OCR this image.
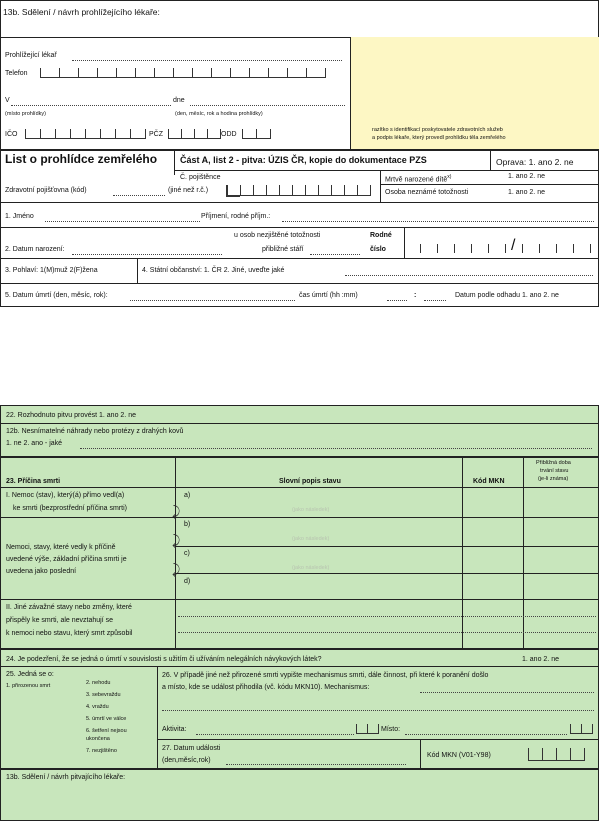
13b. Sdělení / návrh prohlížejícího lékaře:
razítko s identifikací poskytovatele zdravotních služeb
a podpis lékaře, který provedl prohlídku těla zemřelého
Prohlížející lékař
Telefon
V	dne
(místo prohlídky)	(den, měsíc, rok a hodina prohlídky)
IČO	PČZ	ODD
List o prohlídce zemřelého	Část A, list 2 - pitva: ÚZIS ČR, kopie do dokumentace PZS	Oprava: 1. ano 2. ne
Č. pojištěnce
(jiné než r.č.)
Zdravotní pojišťovna (kód)
Mrtvě narozené dítě$^{x)}$	1. ano 2. ne
Osoba neznámé totožnosti	1. ano 2. ne
1. Jméno	Příjmení, rodné příjm.:
2. Datum narození:
u osob nezjištěné totožnosti
přibližné stáří
Rodné
číslo	/
3. Pohlaví: 1(M)muž 2(F)žena	4. Státní občanství: 1. ČR 2. Jiné, uveďte jaké
5. Datum úmrtí (den, měsíc, rok):	čas úmrtí (hh :mm)	:	Datum podle odhadu 1. ano 2. ne
22. Rozhodnuto pitvu provést 1. ano 2. ne
12b. Nesnímatelné náhrady nebo protézy z drahých kovů
1. ne 2. ano - jaké
23. Příčina smrti	Slovní popis stavu	Kód MKN
Přibližná doba
trvání stavu
(je-li známa)
I. Nemoc (stav), který(á) přímo vedl(a)
ke smrti (bezprostřední příčina smrti)
a)
(jako následek)
⤸
b)
(jako následek)
⤸
c)
(jako následek)
⤸
d)
Nemoci, stavy, které vedly k příčině
uvedené výše, základní příčina smrti je
uvedena jako poslední
II. Jiné závažné stavy nebo změny, které
přispěly ke smrti, ale nevztahují se
k nemoci nebo stavu, který smrt způsobil
24. Je podezření, že se jedná o úmrtí v souvislosti s užitím či užíváním nelegálních návykových látek?	1. ano 2. ne
25. Jedná se o:
1. přirozenou smrt	2. nehodu
3. sebevraždu
4. vraždu
5. úmrtí ve válce
6. šetření nejsou
ukončena
7. nezjištěno
26. V případě jiné než přirozené smrti vypište mechanismus smrti, dále činnost, při které k poranění došlo
a místo, kde se událost přihodila (vč. kódu MKN10). Mechanismus:
Aktivita:	Místo:
27. Datum události
(den,měsíc,rok)
Kód MKN (V01-Y98)
13b. Sdělení / návrh pitvajícího lékaře:
